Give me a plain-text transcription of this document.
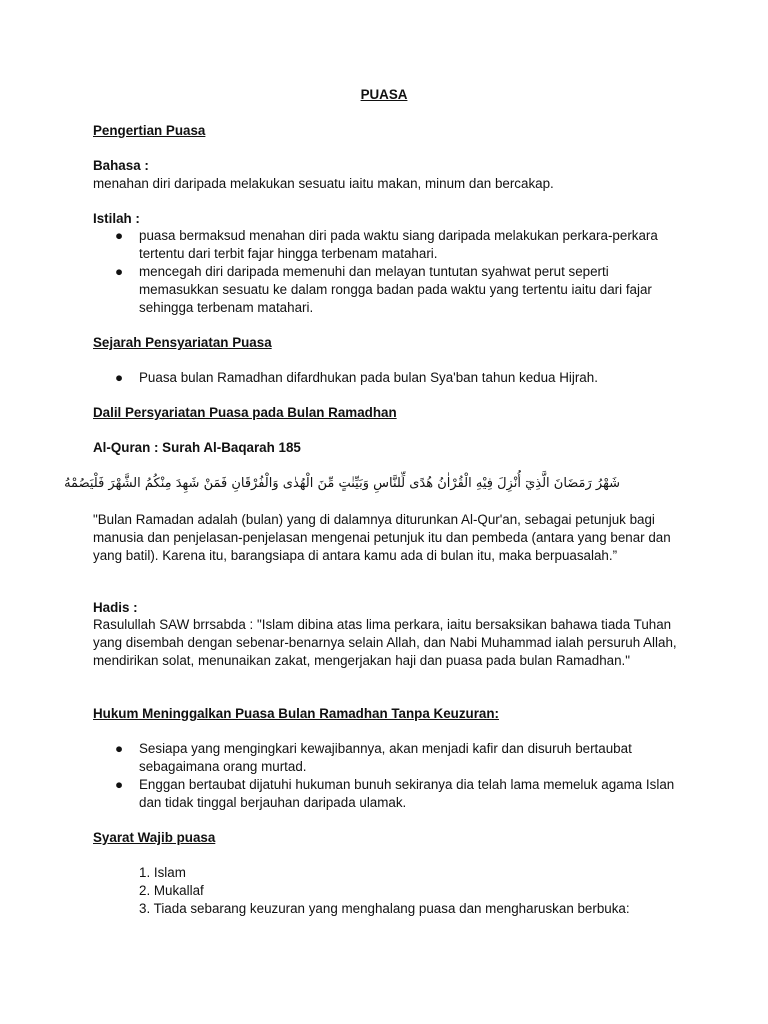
PUASA
Pengertian Puasa
Bahasa :
menahan diri daripada melakukan sesuatu iaitu makan, minum dan bercakap.
Istilah :
● puasa bermaksud menahan diri pada waktu siang daripada melakukan perkara-perkara tertentu dari terbit fajar hingga terbenam matahari.
● mencegah diri daripada memenuhi dan melayan tuntutan syahwat perut seperti memasukkan sesuatu ke dalam rongga badan pada waktu yang tertentu iaitu dari fajar sehingga terbenam matahari.
Sejarah Pensyariatan Puasa
● Puasa bulan Ramadhan difardhukan pada bulan Sya'ban tahun kedua Hijrah.
Dalil Persyariatan Puasa pada Bulan Ramadhan
Al-Quran : Surah Al-Baqarah 185
شَهْرُ رَمَضَانَ الَّذِيٓ أُنْزِلَ فِيْهِ الْقُرْاٰنُ هُدًى لِّلنَّاسِ وَبَيِّنٰتٍ مِّنَ الْهُدٰى وَالْفُرْقَانِ فَمَنْ شَهِدَ مِنْكُمُ الشَّهْرَ فَلْيَصُمْهُ
"Bulan Ramadan adalah (bulan) yang di dalamnya diturunkan Al-Qur'an, sebagai petunjuk bagi manusia dan penjelasan-penjelasan mengenai petunjuk itu dan pembeda (antara yang benar dan yang batil). Karena itu, barangsiapa di antara kamu ada di bulan itu, maka berpuasalah.”
Hadis :
Rasulullah SAW brrsabda : "Islam dibina atas lima perkara, iaitu bersaksikan bahawa tiada Tuhan yang disembah dengan sebenar-benarnya selain Allah, dan Nabi Muhammad ialah persuruh Allah, mendirikan solat, menunaikan zakat, mengerjakan haji dan puasa pada bulan Ramadhan."
Hukum Meninggalkan Puasa Bulan Ramadhan Tanpa Keuzuran:
● Sesiapa yang mengingkari kewajibannya, akan menjadi kafir dan disuruh bertaubat sebagaimana orang murtad.
● Enggan bertaubat dijatuhi hukuman bunuh sekiranya dia telah lama memeluk agama Islan dan tidak tinggal berjauhan daripada ulamak.
Syarat Wajib puasa
1. Islam
2. Mukallaf
3. Tiada sebarang keuzuran yang menghalang puasa dan mengharuskan berbuka:
